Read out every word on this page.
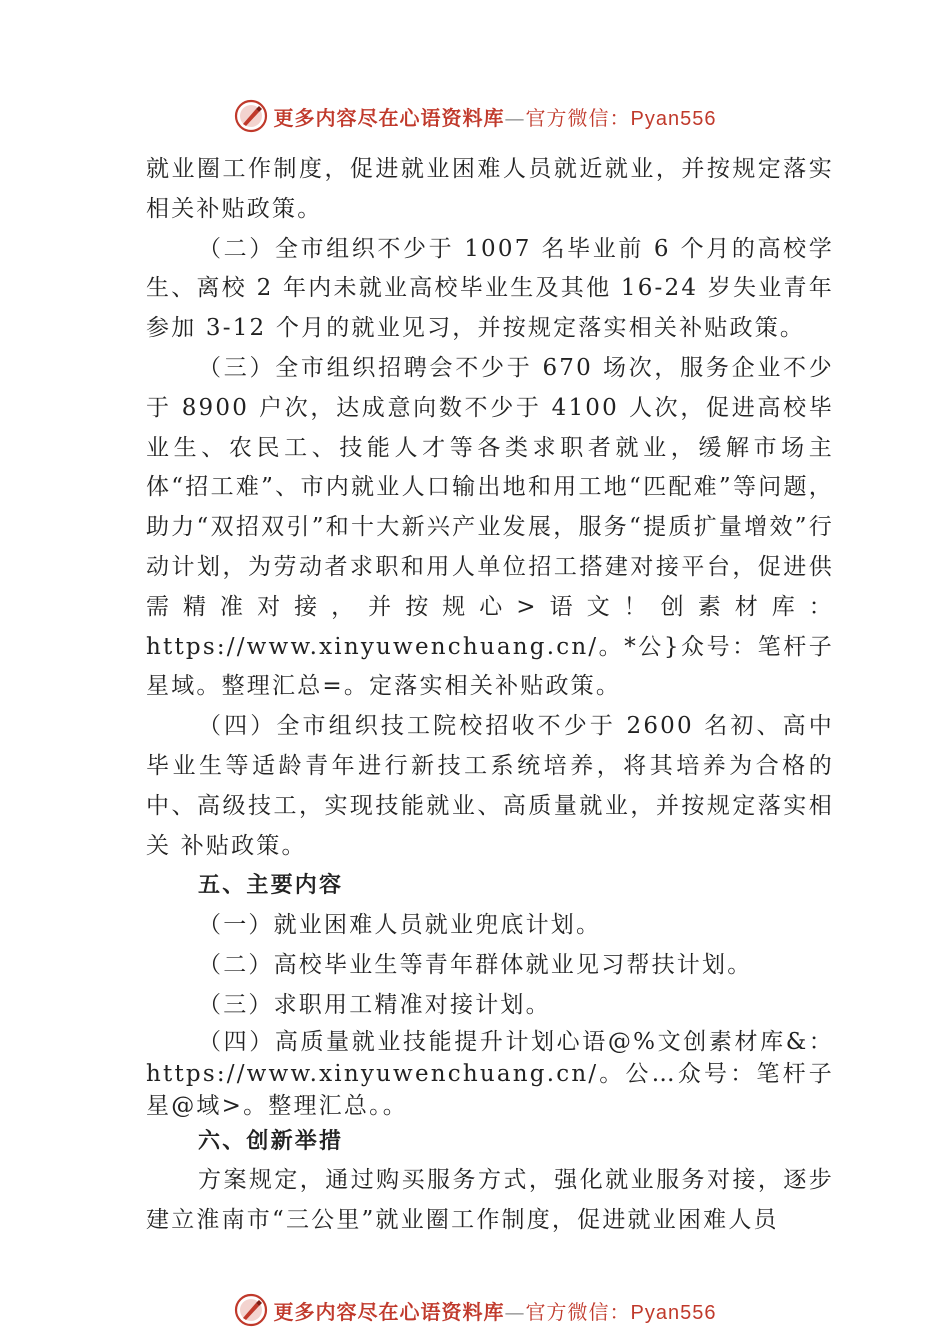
更多内容尽在心语资料库—官方微信：Pyan556

就业圈工作制度，促进就业困难人员就近就业，并按规定落实相关补贴政策。

（二）全市组织不少于 1007 名毕业前 6 个月的高校学生、离校 2 年内未就业高校毕业生及其他 16-24 岁失业青年参加 3-12 个月的就业见习，并按规定落实相关补贴政策。

（三）全市组织招聘会不少于 670 场次，服务企业不少于 8900 户次，达成意向数不少于 4100 人次，促进高校毕业生、农民工、技能人才等各类求职者就业，缓解市场主体“招工难”、市内就业人口输出地和用工地“匹配难”等问题，助力“双招双引”和十大新兴产业发展，服务“提质扩量增效”行动计划，为劳动者求职和用人单位招工搭建对接平台，促进供需精准对接，并按规心>语文！创素材库：https://www.xinyuwenchuang.cn/。*公}众号：笔杆子星域。整理汇总=。定落实相关补贴政策。

（四）全市组织技工院校招收不少于 2600 名初、高中毕业生等适龄青年进行新技工系统培养，将其培养为合格的中、高级技工，实现技能就业、高质量就业，并按规定落实相关 补贴政策。

五、主要内容

（一）就业困难人员就业兜底计划。

（二）高校毕业生等青年群体就业见习帮扶计划。

（三）求职用工精准对接计划。

（四）高质量就业技能提升计划心语@%文创素材库&：https://www.xinyuwenchuang.cn/。公…众号：笔杆子星@域>。整理汇总。。

六、创新举措

方案规定，通过购买服务方式，强化就业服务对接，逐步建立淮南市“三公里”就业圈工作制度，促进就业困难人员

更多内容尽在心语资料库—官方微信：Pyan556
